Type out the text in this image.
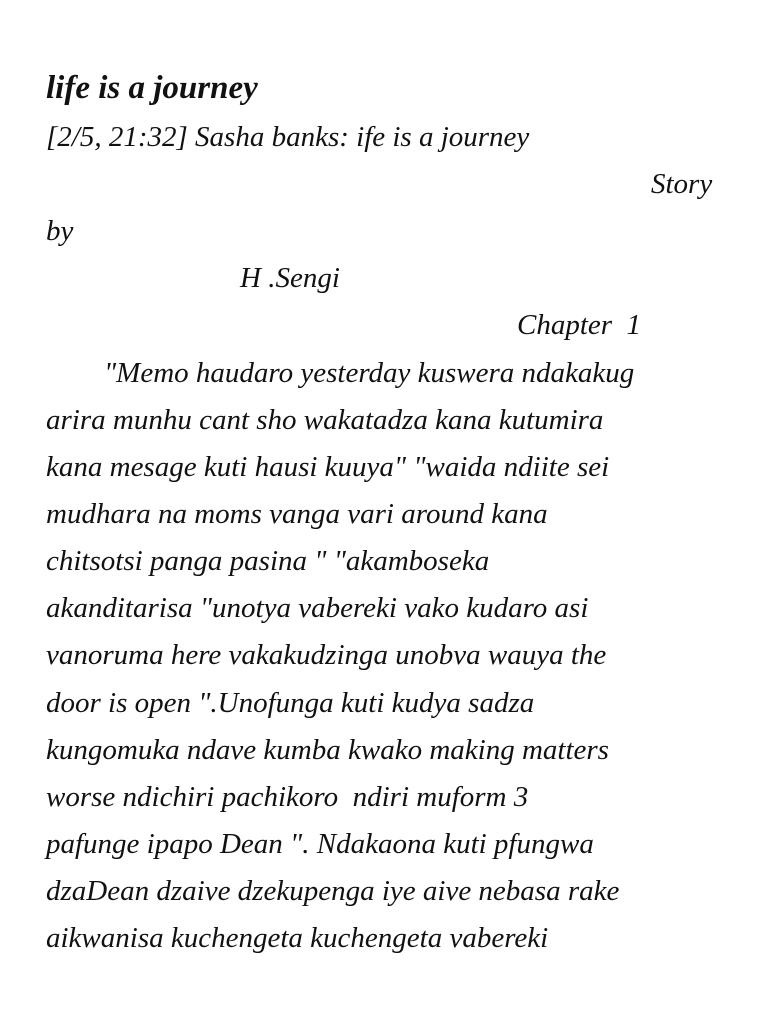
life is a journey
[2/5, 21:32] Sasha banks: ife is a journey
Story
by
H .Sengi
Chapter  1
"Memo haudaro yesterday kuswera ndakakug
arira munhu cant sho wakatadza kana kutumira
kana mesage kuti hausi kuuya" "waida ndiite sei
mudhara na moms vanga vari around kana
chitsotsi panga pasina " "akamboseka
akanditarisa "unotya vabereki vako kudaro asi
vanoruma here vakakudzinga unobva wauya the
door is open ".Unofunga kuti kudya sadza
kungomuka ndave kumba kwako making matters
worse ndichiri pachikoro  ndiri muform 3
pafunge ipapo Dean ". Ndakaona kuti pfungwa
dzaDean dzaive dzekupenga iye aive nebasa rake
aikwanisa kuchengeta kuchengeta vabereki
